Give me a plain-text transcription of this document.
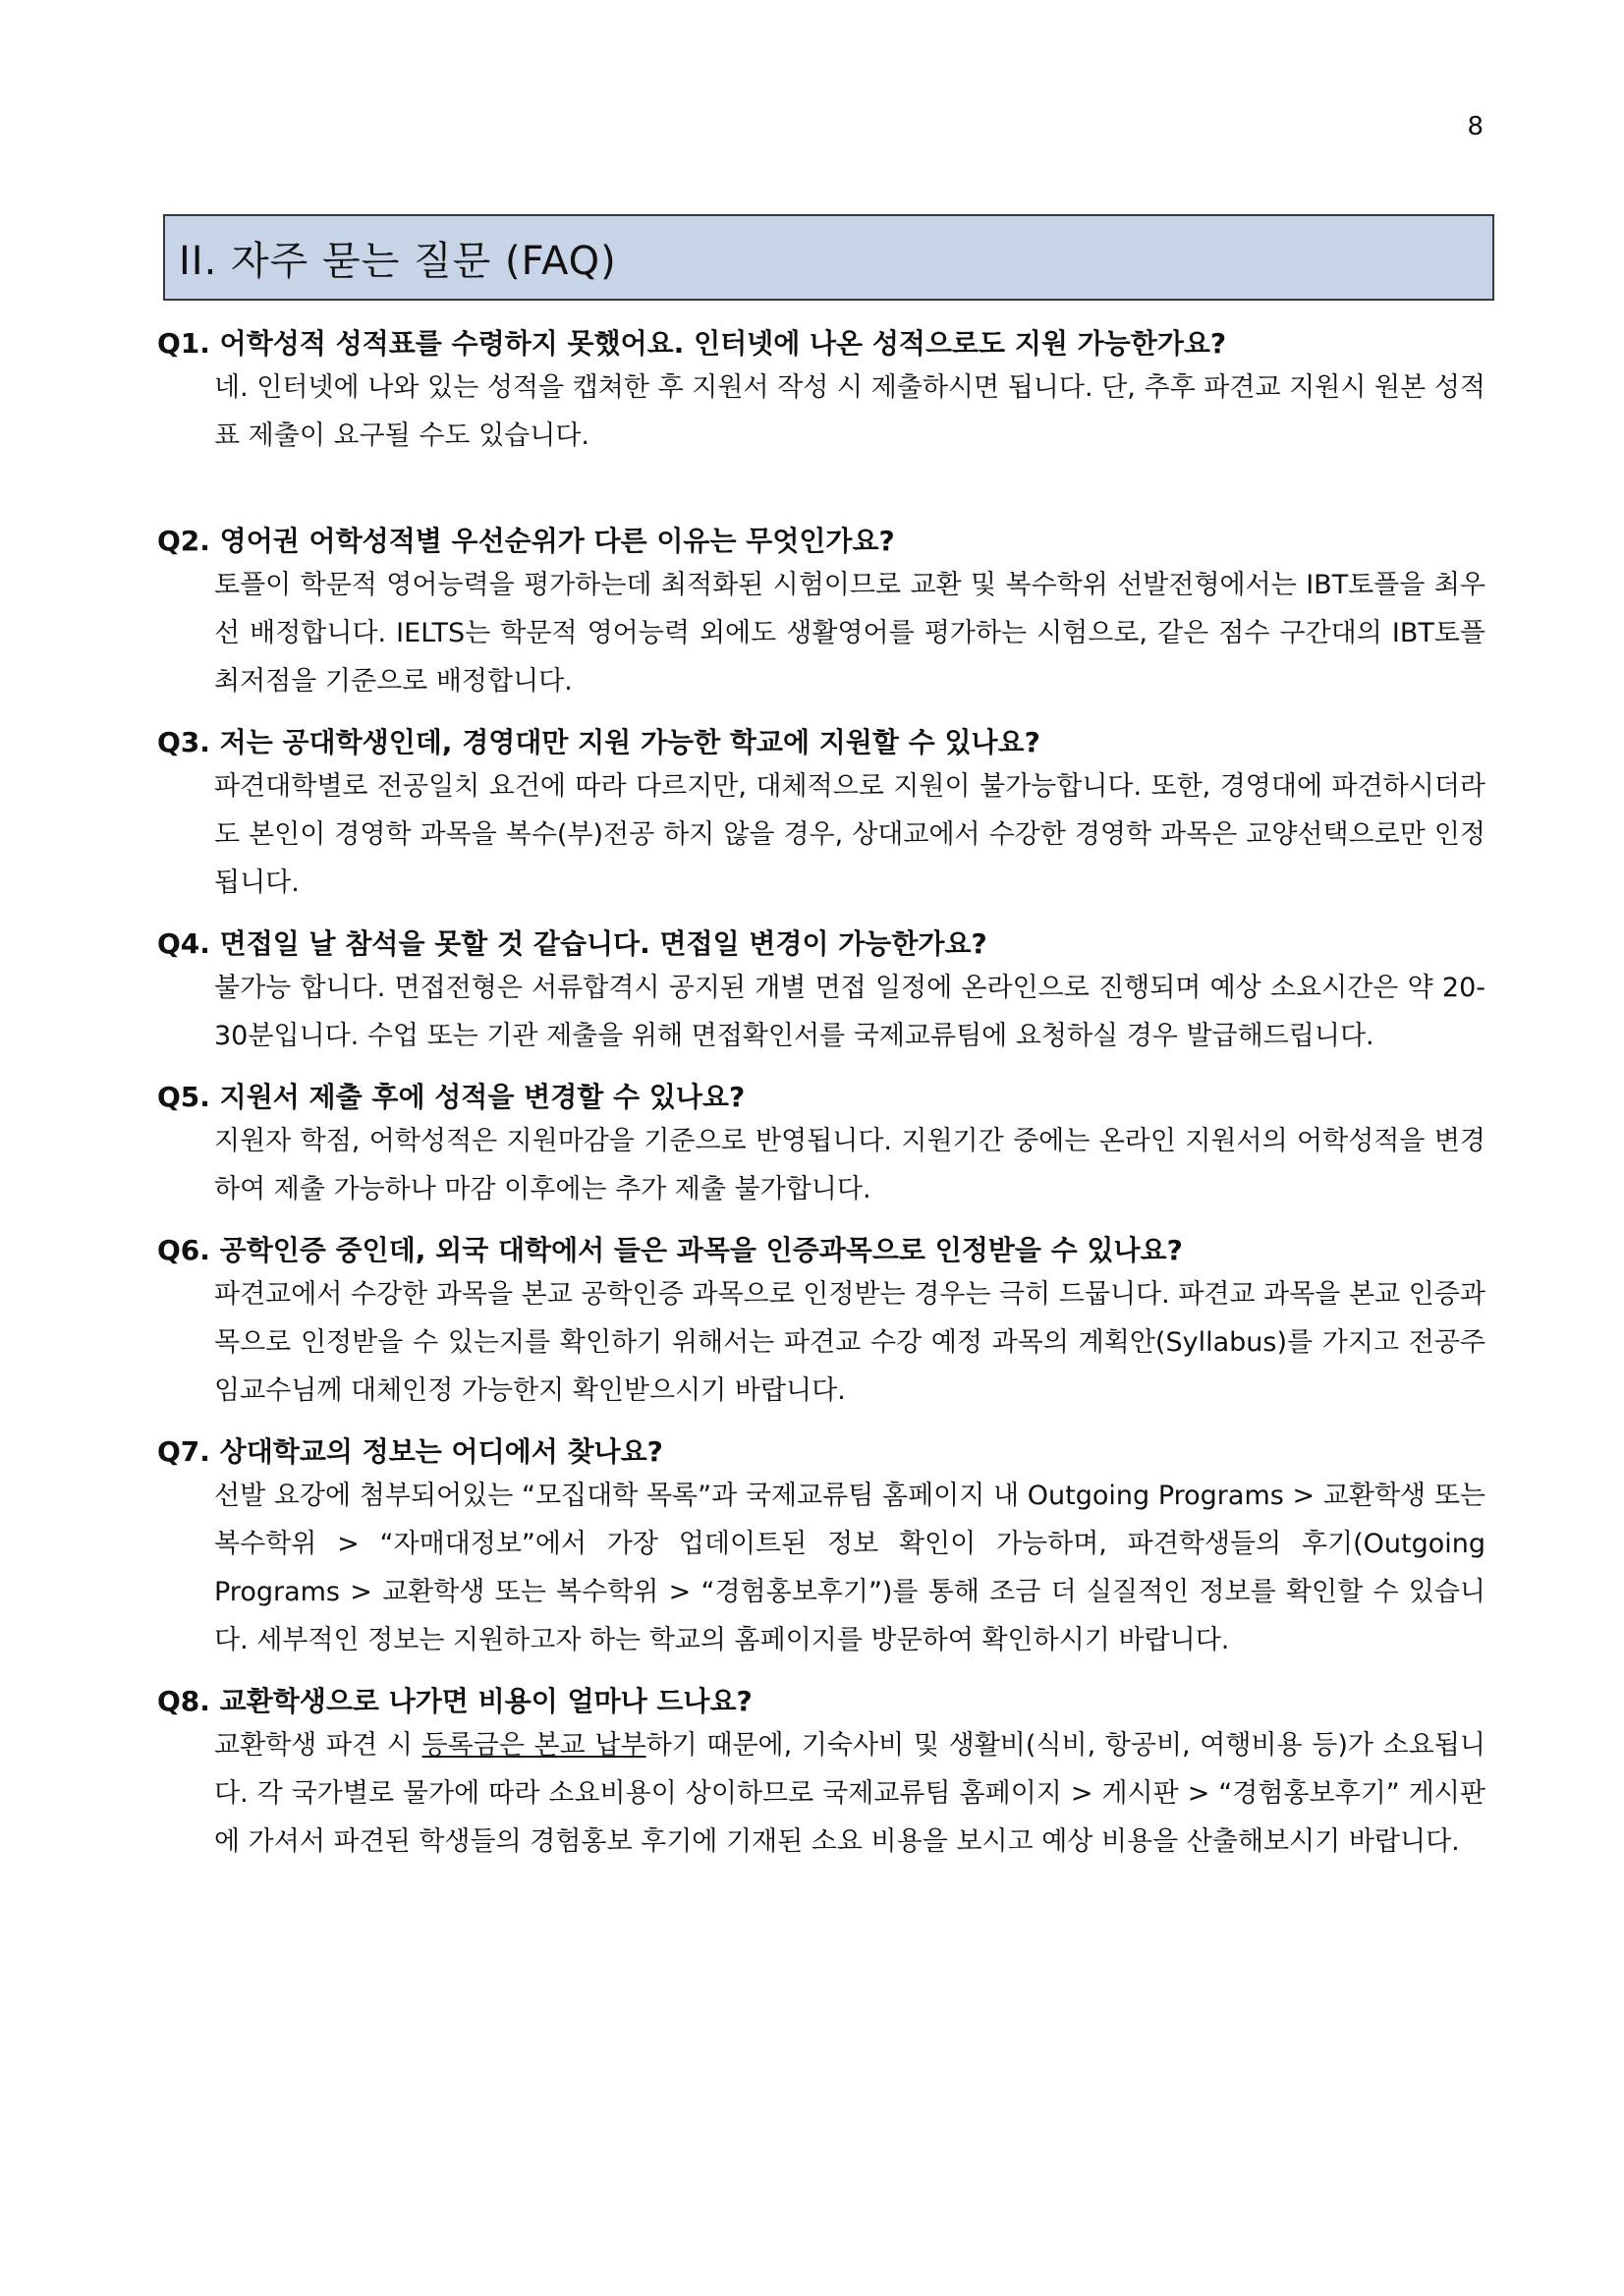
8
II. 자주 묻는 질문 (FAQ)

Q1. 어학성적 성적표를 수령하지 못했어요. 인터넷에 나온 성적으로도 지원 가능한가요?

네. 인터넷에 나와 있는 성적을 캡쳐한 후 지원서 작성 시 제출하시면 됩니다. 단, 추후 파견교 지원시 원본 성적표 제출이 요구될 수도 있습니다.

Q2. 영어권 어학성적별 우선순위가 다른 이유는 무엇인가요?

토플이 학문적 영어능력을 평가하는데 최적화된 시험이므로 교환 및 복수학위 선발전형에서는 IBT토플을 최우선 배정합니다. IELTS는 학문적 영어능력 외에도 생활영어를 평가하는 시험으로, 같은 점수 구간대의 IBT토플 최저점을 기준으로 배정합니다.

Q3. 저는 공대학생인데, 경영대만 지원 가능한 학교에 지원할 수 있나요?

파견대학별로 전공일치 요건에 따라 다르지만, 대체적으로 지원이 불가능합니다. 또한, 경영대에 파견하시더라도 본인이 경영학 과목을 복수(부)전공 하지 않을 경우, 상대교에서 수강한 경영학 과목은 교양선택으로만 인정됩니다.

Q4. 면접일 날 참석을 못할 것 같습니다. 면접일 변경이 가능한가요?

불가능 합니다. 면접전형은 서류합격시 공지된 개별 면접 일정에 온라인으로 진행되며 예상 소요시간은 약 20-30분입니다. 수업 또는 기관 제출을 위해 면접확인서를 국제교류팀에 요청하실 경우 발급해드립니다.

Q5. 지원서 제출 후에 성적을 변경할 수 있나요?

지원자 학점, 어학성적은 지원마감을 기준으로 반영됩니다. 지원기간 중에는 온라인 지원서의 어학성적을 변경하여 제출 가능하나 마감 이후에는 추가 제출 불가합니다.

Q6. 공학인증 중인데, 외국 대학에서 들은 과목을 인증과목으로 인정받을 수 있나요?

파견교에서 수강한 과목을 본교 공학인증 과목으로 인정받는 경우는 극히 드뭅니다. 파견교 과목을 본교 인증과목으로 인정받을 수 있는지를 확인하기 위해서는 파견교 수강 예정 과목의 계획안(Syllabus)를 가지고 전공주임교수님께 대체인정 가능한지 확인받으시기 바랍니다.

Q7. 상대학교의 정보는 어디에서 찾나요?

선발 요강에 첨부되어있는 “모집대학 목록”과 국제교류팀 홈페이지 내 Outgoing Programs > 교환학생 또는 복수학위 > “자매대정보”에서 가장 업데이트된 정보 확인이 가능하며, 파견학생들의 후기(Outgoing Programs > 교환학생 또는 복수학위 > “경험홍보후기”)를 통해 조금 더 실질적인 정보를 확인할 수 있습니다. 세부적인 정보는 지원하고자 하는 학교의 홈페이지를 방문하여 확인하시기 바랍니다.

Q8. 교환학생으로 나가면 비용이 얼마나 드나요?

교환학생 파견 시 등록금은 본교 납부하기 때문에, 기숙사비 및 생활비(식비, 항공비, 여행비용 등)가 소요됩니다. 각 국가별로 물가에 따라 소요비용이 상이하므로 국제교류팀 홈페이지 > 게시판 > “경험홍보후기” 게시판에 가셔서 파견된 학생들의 경험홍보 후기에 기재된 소요 비용을 보시고 예상 비용을 산출해보시기 바랍니다.
